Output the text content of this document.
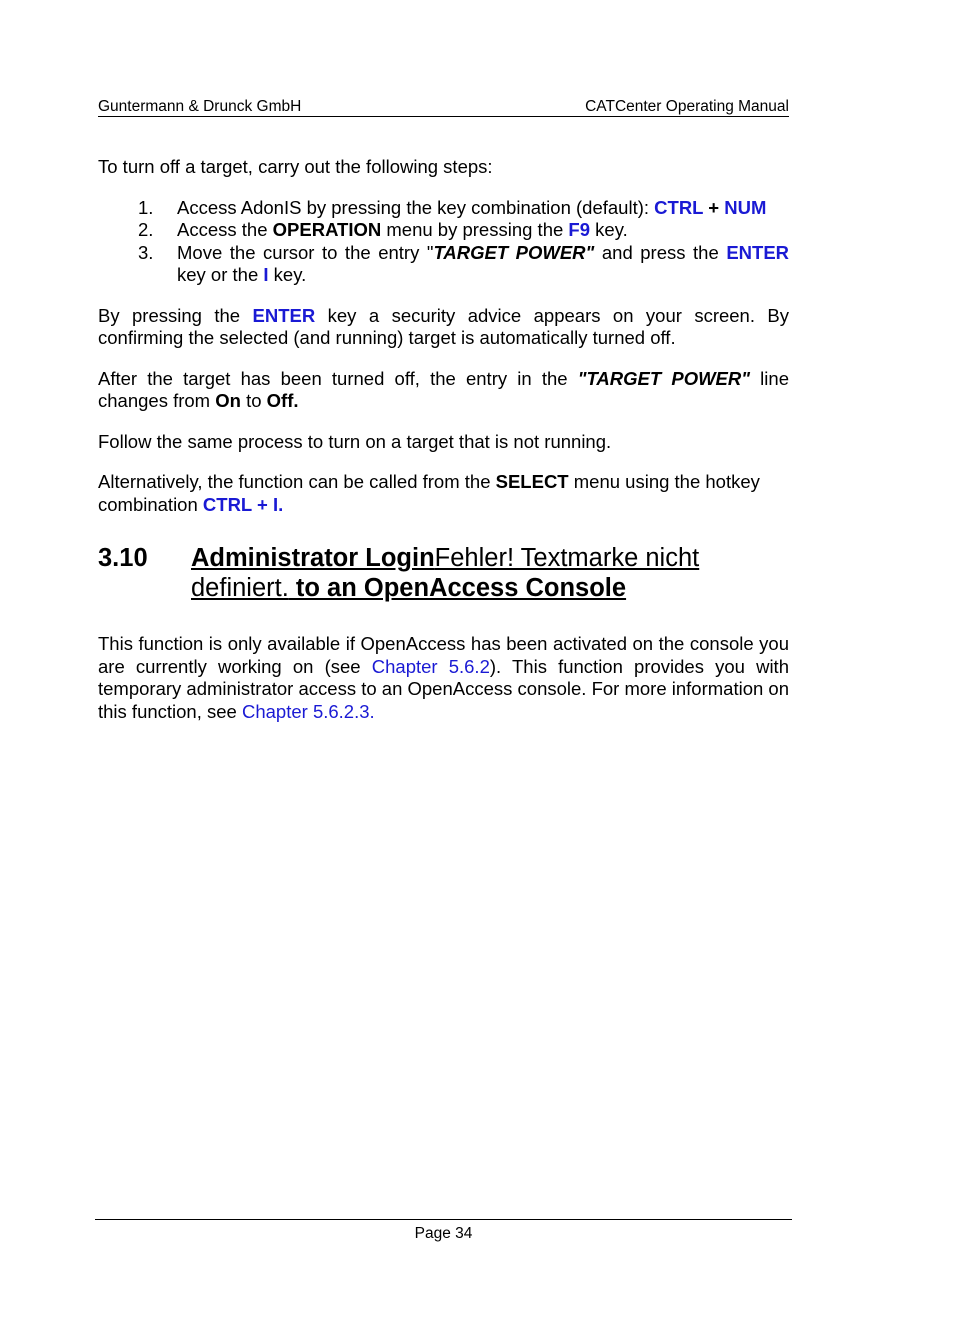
Guntermann & Drunck GmbH	CATCenter Operating Manual

To turn off a target, carry out the following steps:

1. Access AdonIS by pressing the key combination (default): CTRL + NUM
2. Access the OPERATION menu by pressing the F9 key.
3. Move the cursor to the entry "TARGET POWER" and press the ENTER key or the I key.

By pressing the ENTER key a security advice appears on your screen. By confirming the selected (and running) target is automatically turned off.

After the target has been turned off, the entry in the "TARGET POWER" line changes from On to Off.

Follow the same process to turn on a target that is not running.

Alternatively, the function can be called from the SELECT menu using the hotkey combination CTRL + I.

3.10 Administrator LoginFehler! Textmarke nicht definiert. to an OpenAccess Console

This function is only available if OpenAccess has been activated on the console you are currently working on (see Chapter 5.6.2). This function provides you with temporary administrator access to an OpenAccess console. For more information on this function, see Chapter 5.6.2.3.

Page 34
